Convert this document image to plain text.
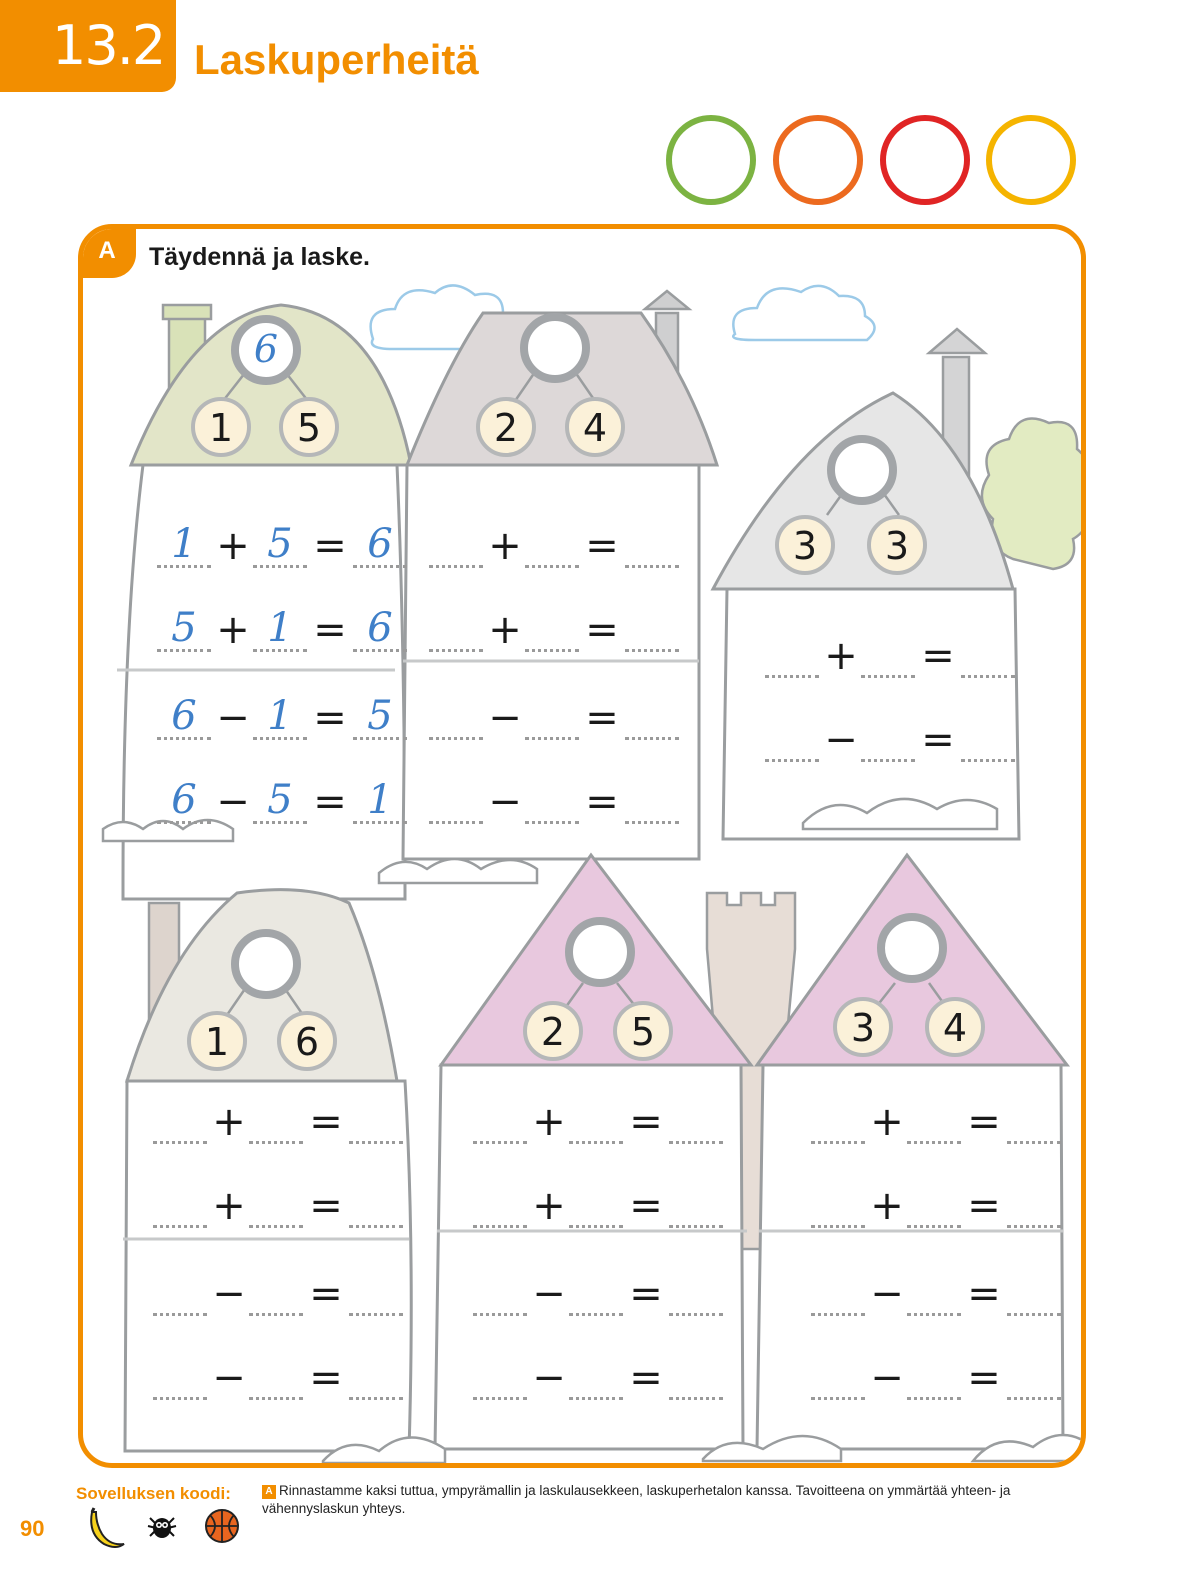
13.2 Laskuperheitä
A	Täydennä ja laske.
6
1	5
1 + 5 = 6
5 + 1 = 6
6 − 1 = 5
6 − 5 = 1
2	4
+ =
+ =
− =
− =
3	3
+ =
− =
1	6
+ =
+ =
− =
− =
2	5
+ =
+ =
− =
− =
3	4
+ =
+ =
− =
− =
Sovelluksen koodi:
90
A Rinnastamme kaksi tuttua, ympyrämallin ja laskulausekkeen, laskuperhetalon kanssa. Tavoitteena on ymmärtää yhteen- ja vähennyslaskun yhteys.
